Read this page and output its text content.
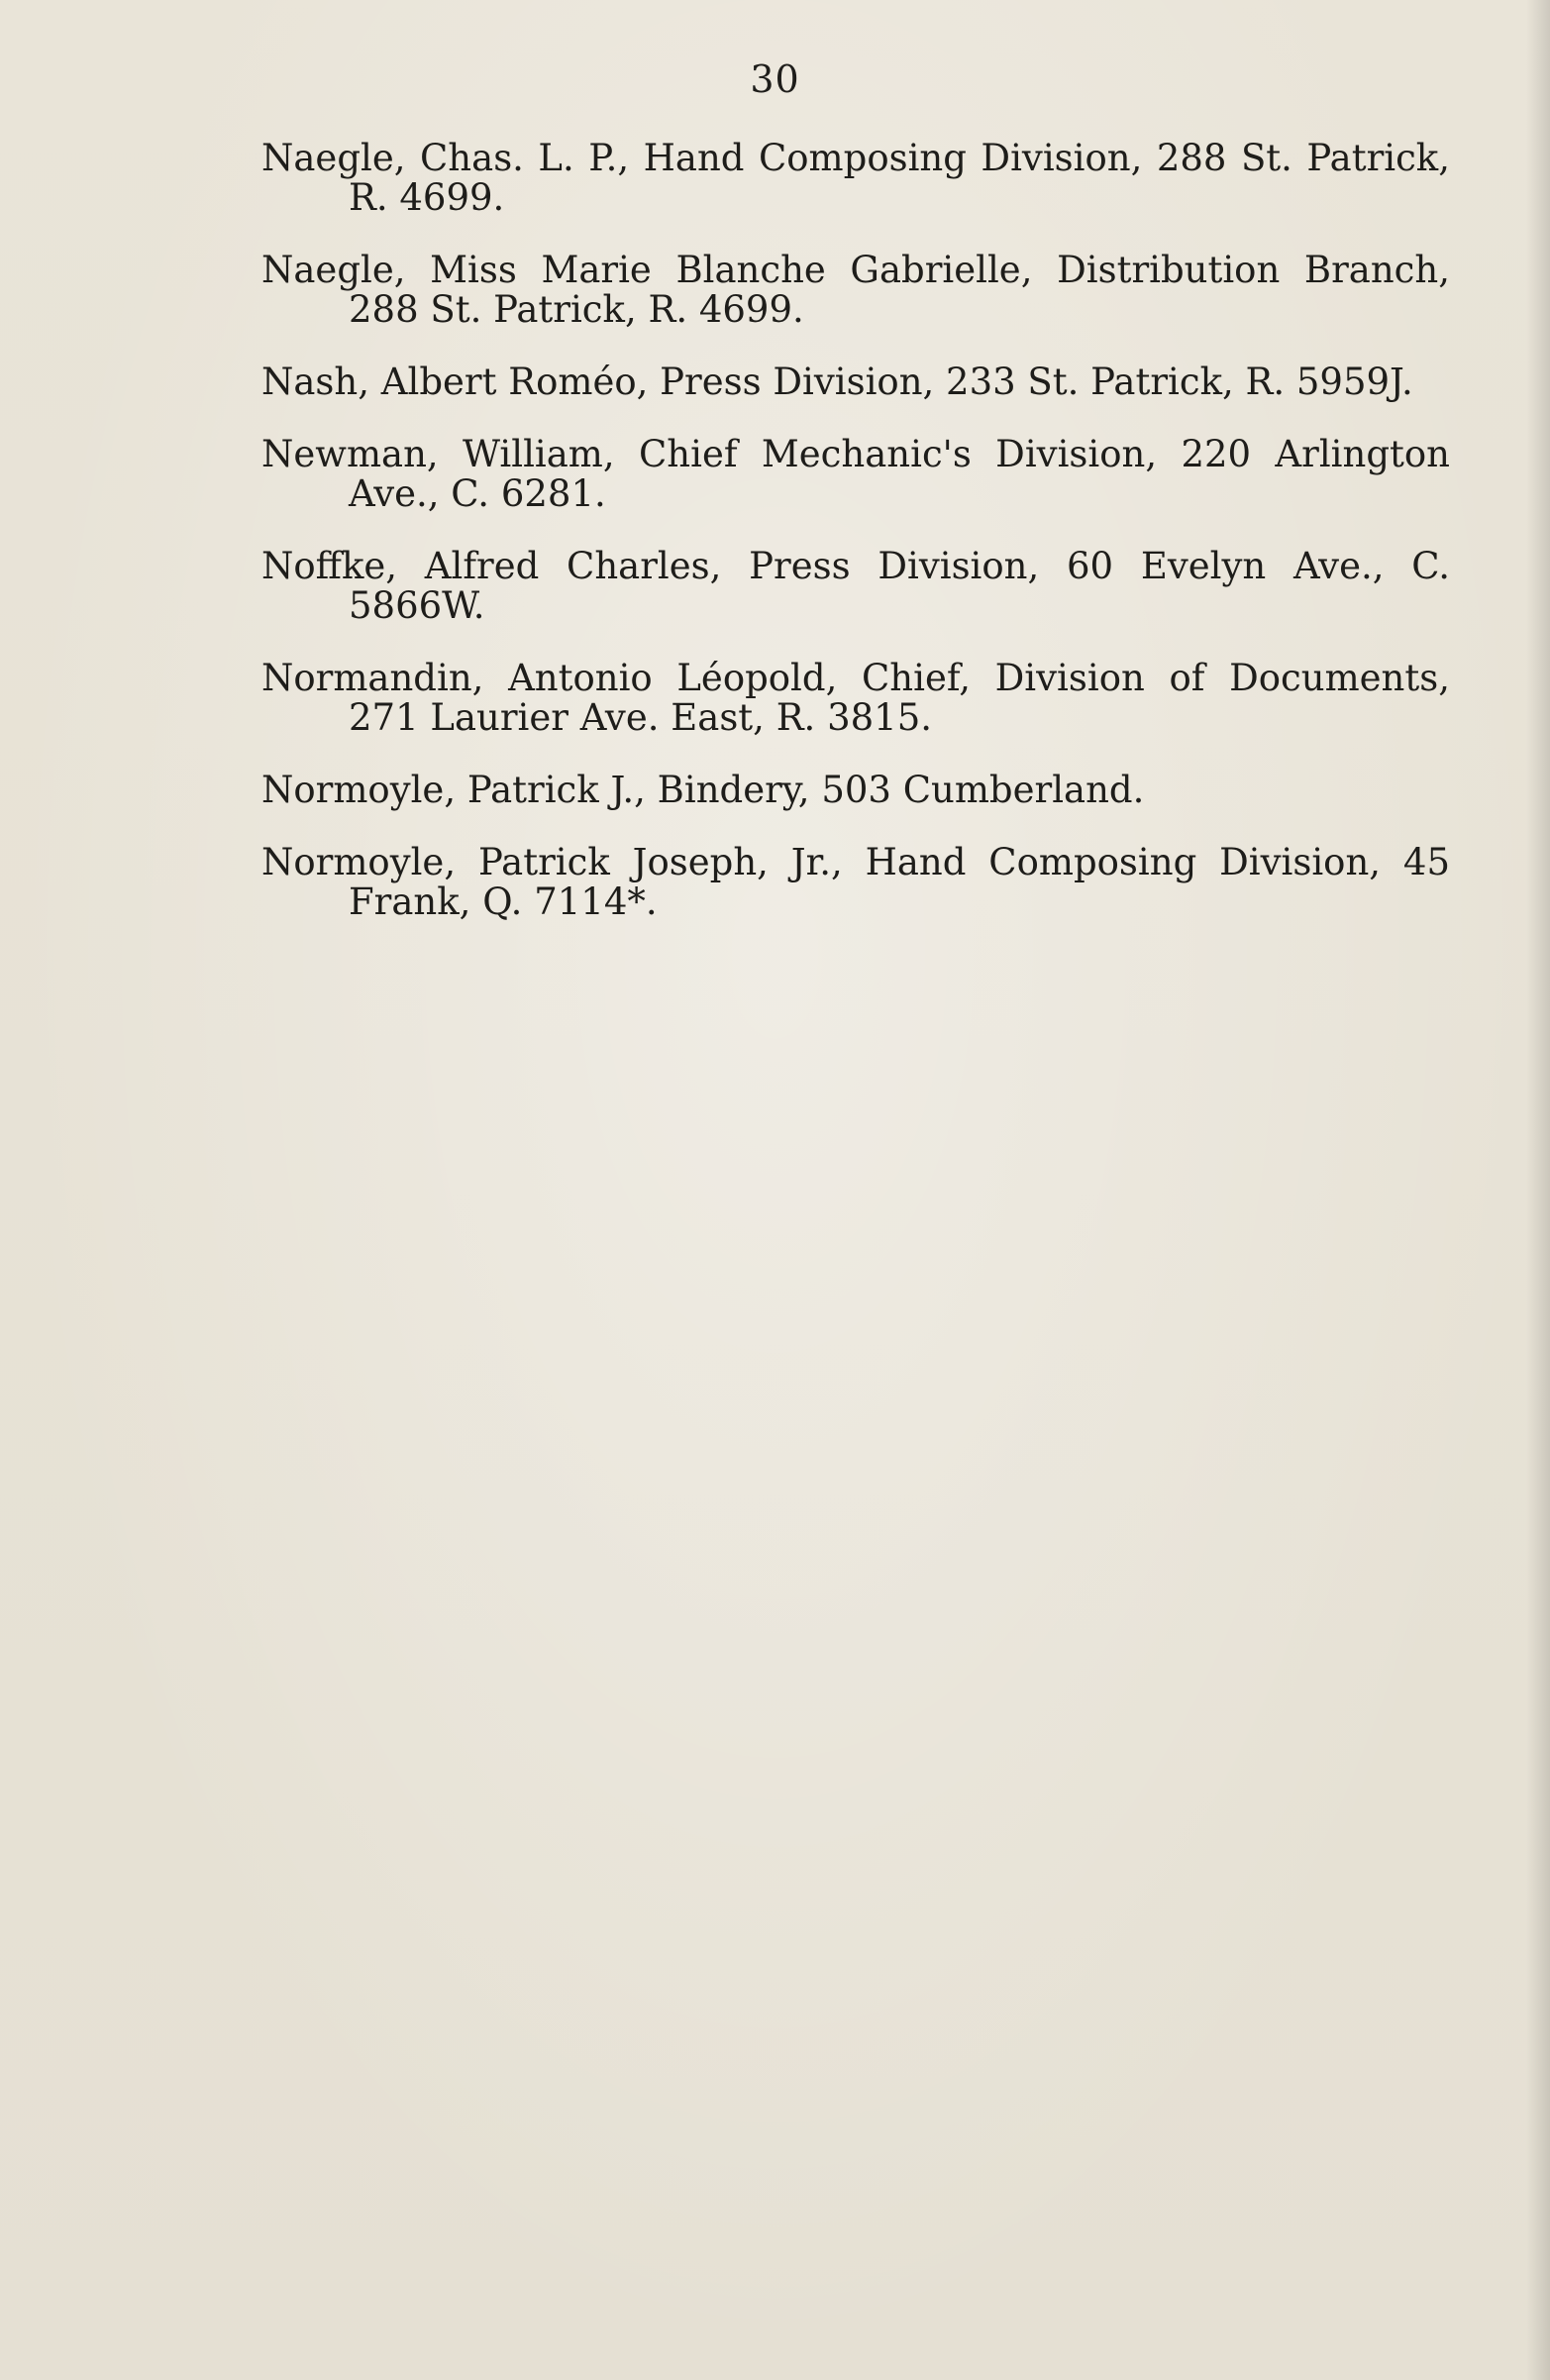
30
Naegle, Chas. L. P., Hand Composing Division, 288 St. Patrick, R. 4699.
Naegle, Miss Marie Blanche Gabrielle, Distribution Branch, 288 St. Patrick, R. 4699.
Nash, Albert Roméo, Press Division, 233 St. Patrick, R. 5959J.
Newman, William, Chief Mechanic's Division, 220 Arlington Ave., C. 6281.
Noffke, Alfred Charles, Press Division, 60 Evelyn Ave., C. 5866W.
Normandin, Antonio Léopold, Chief, Division of Documents, 271 Laurier Ave. East, R. 3815.
Normoyle, Patrick J., Bindery, 503 Cumberland.
Normoyle, Patrick Joseph, Jr., Hand Composing Division, 45 Frank, Q. 7114*.
